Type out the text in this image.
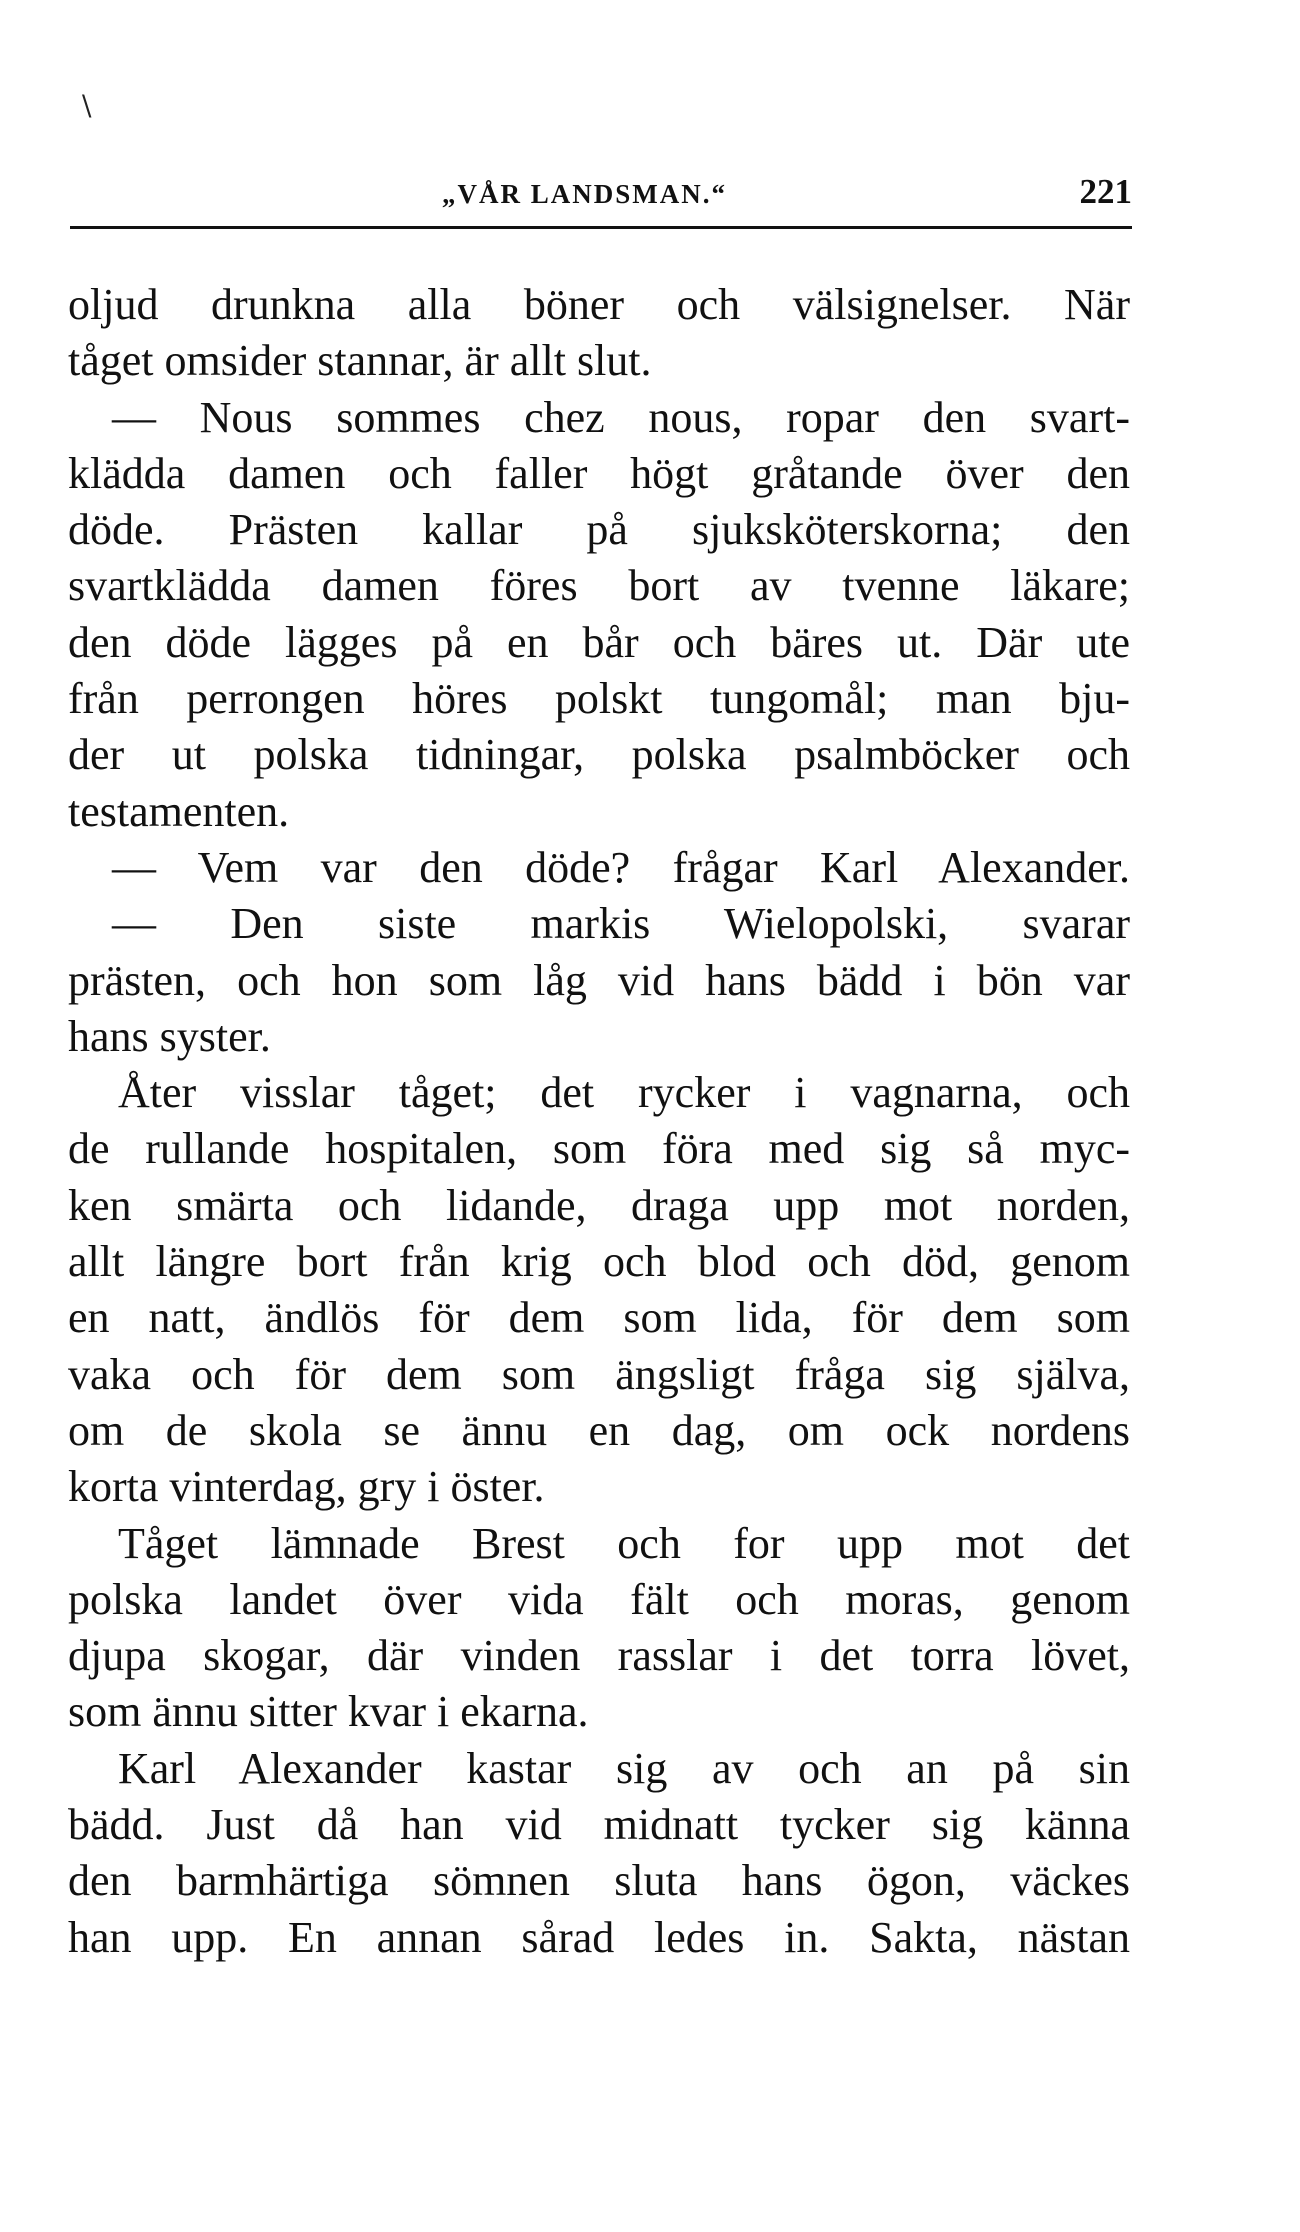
\
„VÅR LANDSMAN.“	221
oljud drunkna alla böner och välsignelser. När
tåget omsider stannar, är allt slut.
— Nous sommes chez nous, ropar den svart-
klädda damen och faller högt gråtande över den
döde. Prästen kallar på sjuksköterskorna; den
svartklädda damen föres bort av tvenne läkare;
den döde lägges på en bår och bäres ut. Där ute
från perrongen höres polskt tungomål; man bju-
der ut polska tidningar, polska psalmböcker och
testamenten.
— Vem var den döde? frågar Karl Alexander.
— Den siste markis Wielopolski, svarar
prästen, och hon som låg vid hans bädd i bön var
hans syster.
Åter visslar tåget; det rycker i vagnarna, och
de rullande hospitalen, som föra med sig så myc-
ken smärta och lidande, draga upp mot norden,
allt längre bort från krig och blod och död, genom
en natt, ändlös för dem som lida, för dem som
vaka och för dem som ängsligt fråga sig själva,
om de skola se ännu en dag, om ock nordens
korta vinterdag, gry i öster.
Tåget lämnade Brest och for upp mot det
polska landet över vida fält och moras, genom
djupa skogar, där vinden rasslar i det torra lövet,
som ännu sitter kvar i ekarna.
Karl Alexander kastar sig av och an på sin
bädd. Just då han vid midnatt tycker sig känna
den barmhärtiga sömnen sluta hans ögon, väckes
han upp. En annan sårad ledes in. Sakta, nästan
